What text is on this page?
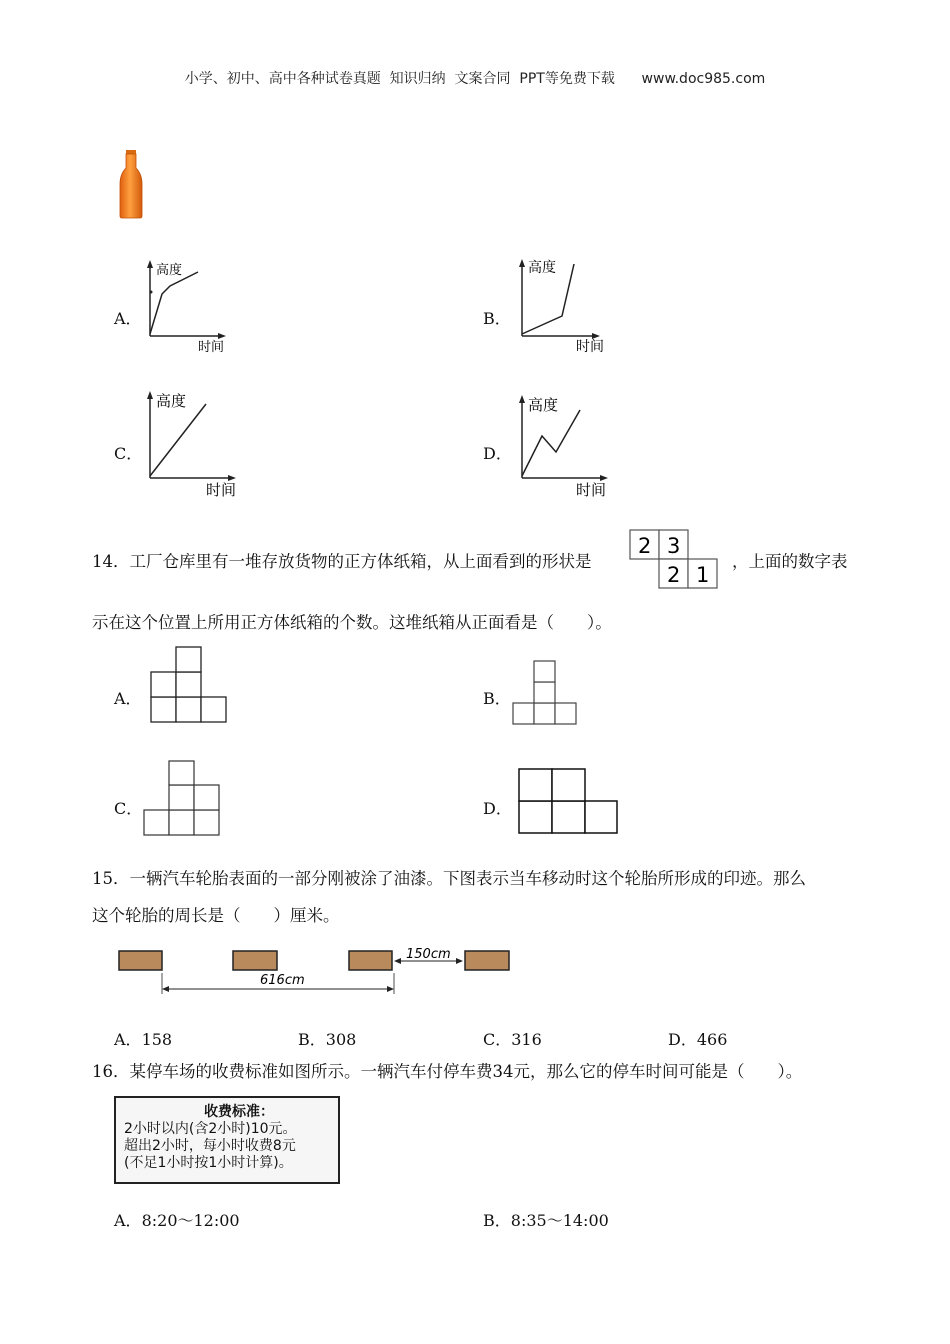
小学、初中、高中各种试卷真题  知识归纳  文案合同  PPT等免费下载      www.doc985.com
A．
高度
时间
B．
高度
时间
C．
高度
时间
D．
高度
时间
14．工厂仓库里有一堆存放货物的正方体纸箱，从上面看到的形状是
2 3
2 1
，上面的数字表
示在这个位置上所用正方体纸箱的个数。这堆纸箱从正面看是（　　）。
A．	B．
C．	D．
15．一辆汽车轮胎表面的一部分刚被涂了油漆。下图表示当车移动时这个轮胎所形成的印迹。那么
这个轮胎的周长是（　　）厘米。
150cm
616cm
A．158	B．308	C．316	D．466
16．某停车场的收费标准如图所示。一辆汽车付停车费34元，那么它的停车时间可能是（　　）。
收费标准：
2小时以内(含2小时)10元。
超出2小时，每小时收费8元
(不足1小时按1小时计算)。
A．8:20～12:00	B．8:35～14:00
